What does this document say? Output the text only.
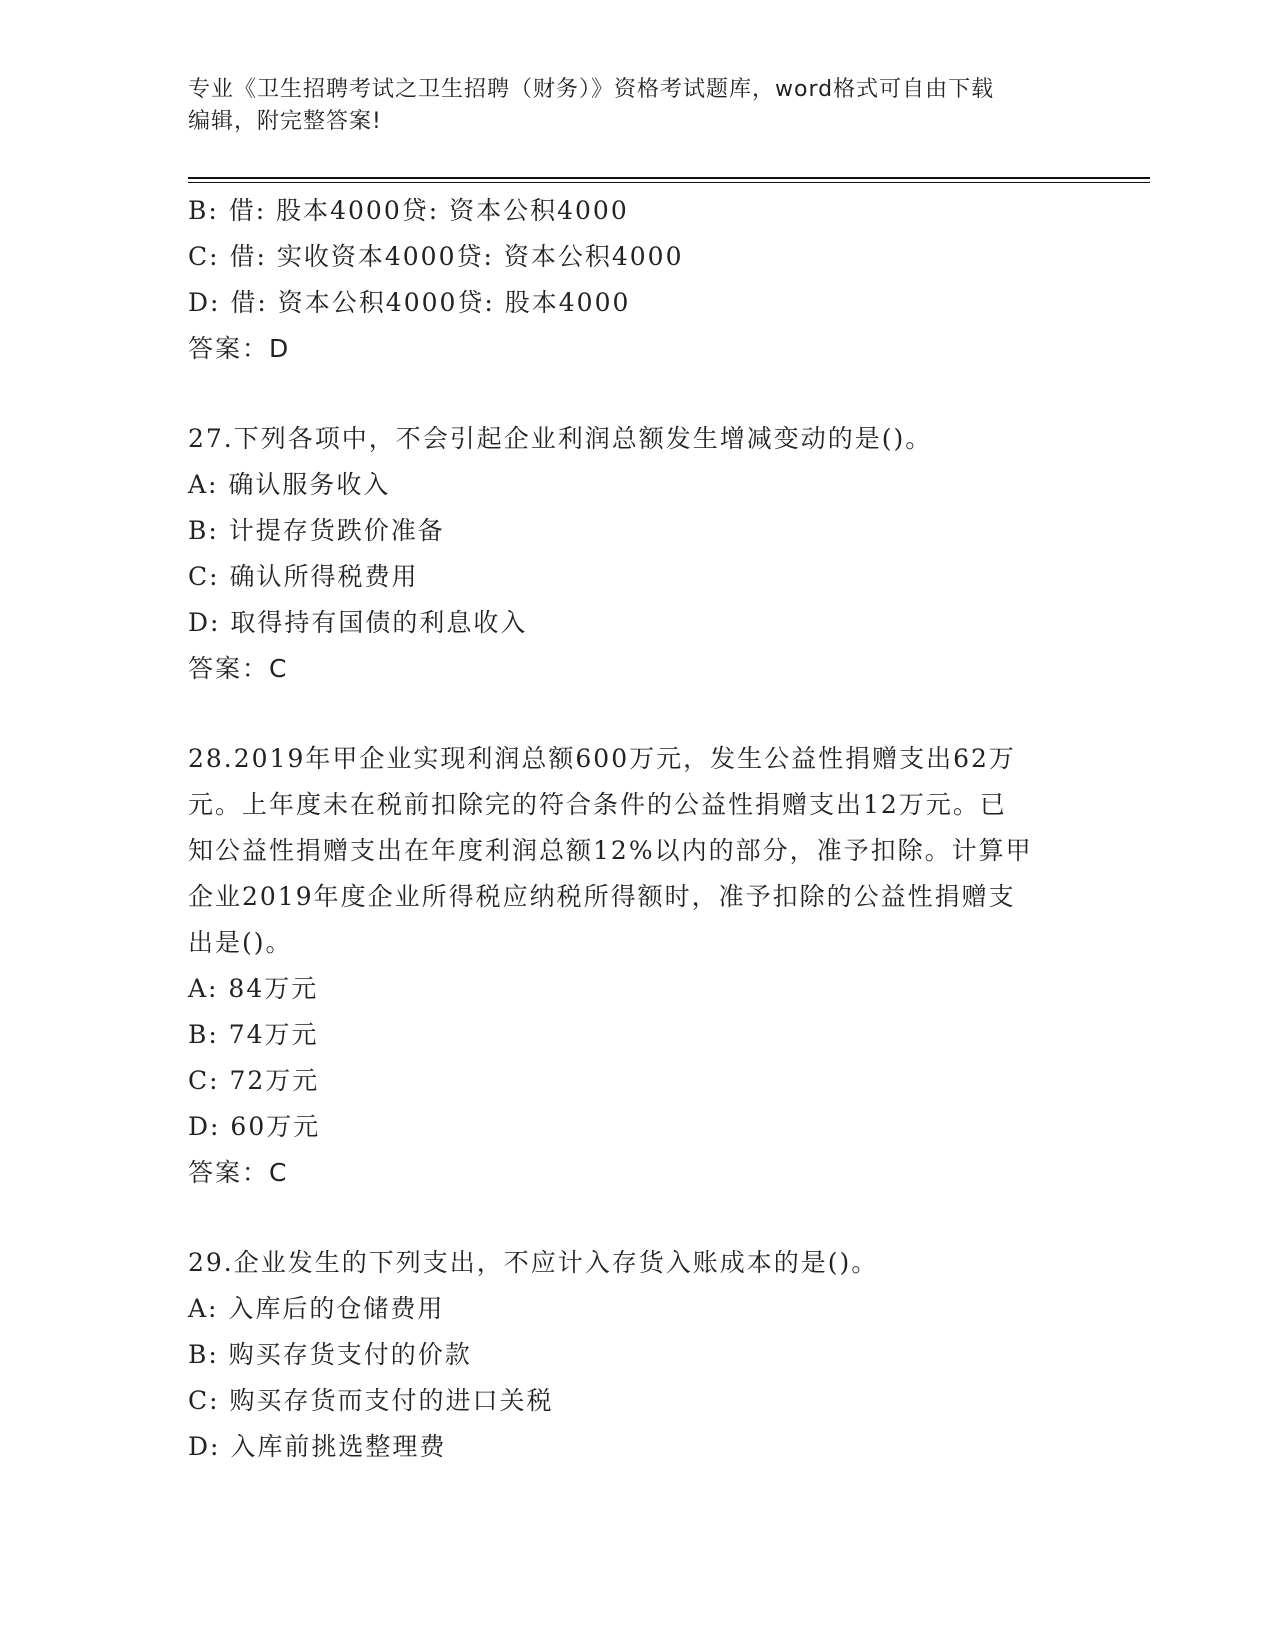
专业《卫生招聘考试之卫生招聘（财务）》资格考试题库，word格式可自由下载
编辑，附完整答案!
B: 借: 股本4000贷: 资本公积4000
C: 借: 实收资本4000贷: 资本公积4000
D: 借: 资本公积4000贷: 股本4000
答案：D
27.下列各项中，不会引起企业利润总额发生增减变动的是()。
A: 确认服务收入
B: 计提存货跌价准备
C: 确认所得税费用
D: 取得持有国债的利息收入
答案：C
28.2019年甲企业实现利润总额600万元，发生公益性捐赠支出62万
元。上年度未在税前扣除完的符合条件的公益性捐赠支出12万元。已
知公益性捐赠支出在年度利润总额12%以内的部分，准予扣除。计算甲
企业2019年度企业所得税应纳税所得额时，准予扣除的公益性捐赠支
出是()。
A: 84万元
B: 74万元
C: 72万元
D: 60万元
答案：C
29.企业发生的下列支出，不应计入存货入账成本的是()。
A: 入库后的仓储费用
B: 购买存货支付的价款
C: 购买存货而支付的进口关税
D: 入库前挑选整理费
